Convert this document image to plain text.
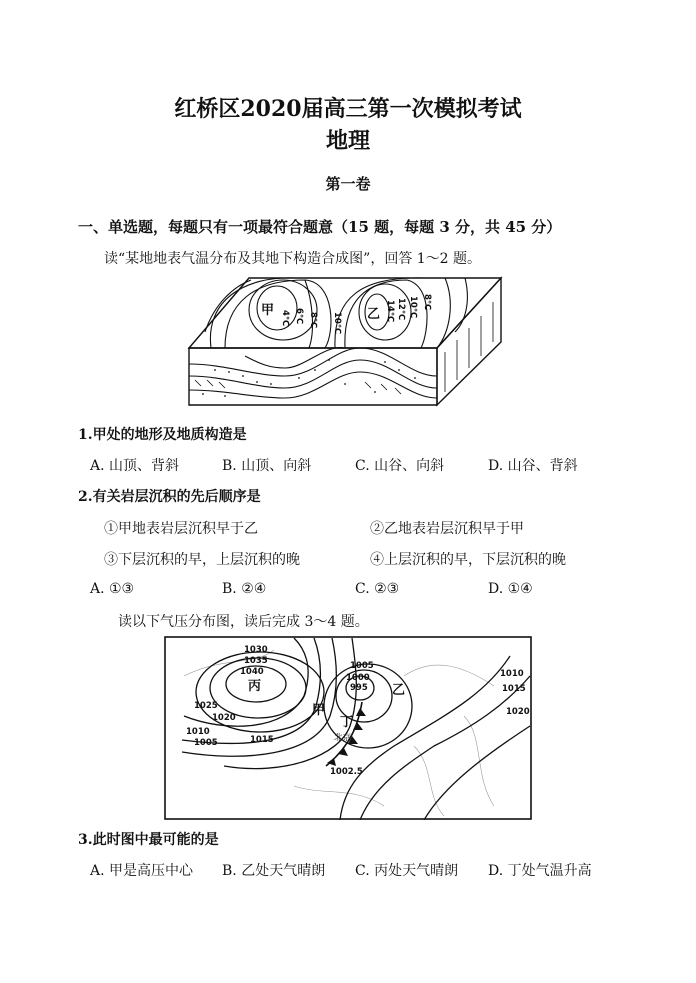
红桥区2020届高三第一次模拟考试
地理
第一卷
一、单选题，每题只有一项最符合题意（15 题，每题 3 分，共 45 分）
读“某地地表气温分布及其地下构造合成图”，回答 1～2 题。
甲 4℃ 6℃ 8℃ 10℃ 乙 14℃ 12℃ 10℃ 8℃
1.甲处的地形及地质构造是
A. 山顶、背斜	B. 山顶、向斜	C. 山谷、向斜	D. 山谷、背斜
2.有关岩层沉积的先后顺序是
①甲地表岩层沉积早于乙	②乙地表岩层沉积早于甲
③下层沉积的早，上层沉积的晚	④上层沉积的早，下层沉积的晚
A. ①③	B. ②④	C. ②③	D. ①④
读以下气压分布图，读后完成 3～4 题。
1030
1035
1040
丙
1025
1020
1010
1005	1015
甲
1005
1000
995 乙
丁
北京
1002.5
1010
1015
1020
3.此时图中最可能的是
A. 甲是高压中心 B. 乙处天气晴朗 C. 丙处天气晴朗 D. 丁处气温升高
